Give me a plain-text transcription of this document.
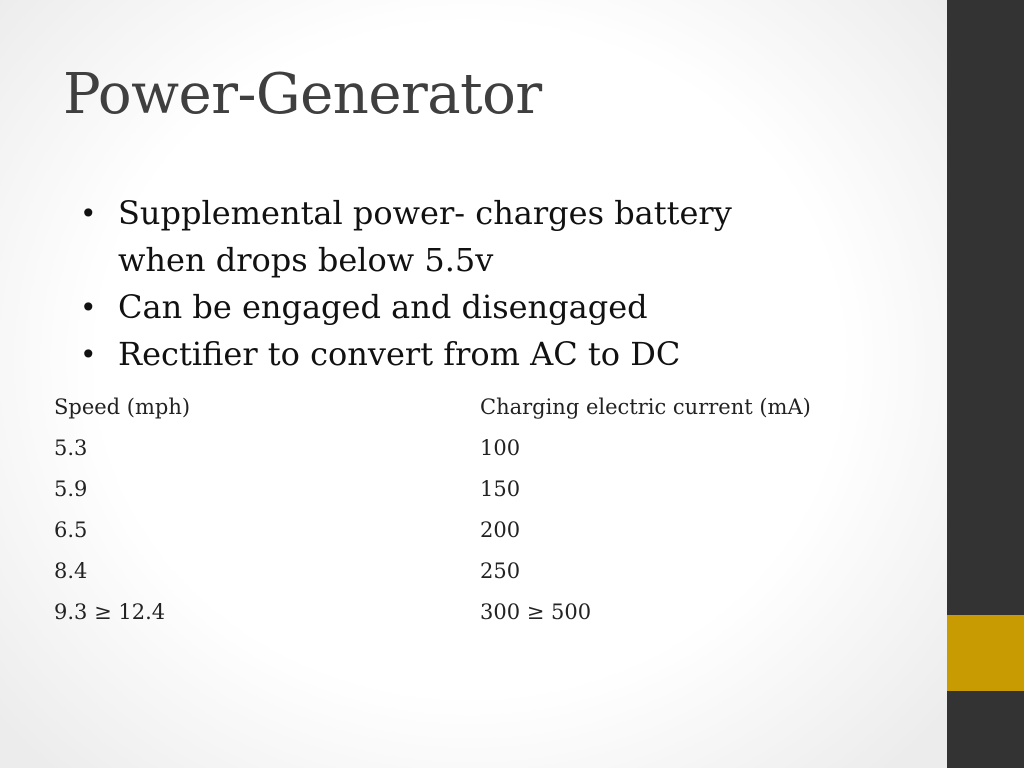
Power-Generator
• Supplemental power- charges battery when drops below 5.5v
• Can be engaged and disengaged
• Rectifier to convert from AC to DC
Speed (mph)	Charging electric current (mA)
5.3	100
5.9	150
6.5	200
8.4	250
9.3 ≥ 12.4	300 ≥ 500
